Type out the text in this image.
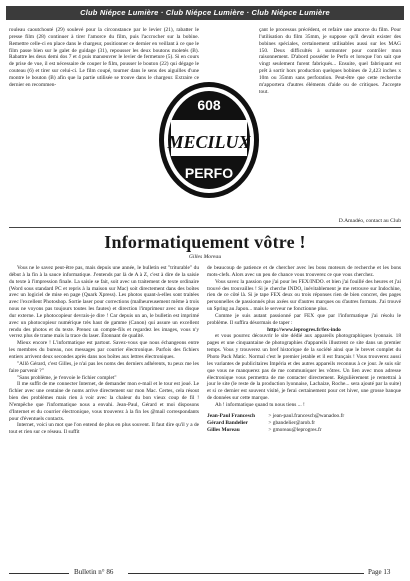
Club Niépce Lumière · Club Niépce Lumière · Club Niépce Lumière

rouleau caoutchouté (29) soulevé pour la circonstance par le levier (21), rabatter le presse film (28) continuer à tirer l'amorce du film, puis l'accrocher sur la bobine. Remettre celle-ci en place dans le chargeur, positionner ce dernier en veillant à ce que le film passe bien sur le galet de guidage (31), repousser les deux boutons moletés (B). Rabattre les deux demi dos 7 et 4 puis manœuvrer le levier de fermeture (5). Si en cours de prise de vue, il est nécessaire de couper le film, pousser le bouton (22) qui dégage le couteau (6) et tirer sur celui-ci. Le film coupé, tourner dans le sens des aiguilles d'une montre le bouton (B) afin que la partie utilisée se trouve dans le chargeur. Extraire ce dernier en recommen-

çant le processus précédent, et refaire une amorce du film. Pour l'utilisation du film 35mm, je suppose qu'il devait exister des bobines spéciales, certainement utilisables aussi sur les MAG 150. Deux difficultés à surmonter pour contrôler mon raisonnement. D'abord posséder le Perfo et lorsque l'on sait que vingt seulement furent fabriqués... Ensuite, quel fabriquant est prêt à sortir hors production quelques bobines de 2,423 inches x 10m ou 35mm sans perforation. Peut-être que cette recherche m'apportera d'autres éléments d'aide ou de critiques. J'accepte tout.

608
MECILUX
PERFO
D.Amadéo, contact au Club
Informatiquement vôtre !
Gilles Moreau

Vous ne le savez peut-être pas, mais depuis une année, le bulletin est "triturable" du début à la fin à la sauce informatique. J'entends par là de A à Z, c'est à dire de la saisie du texte à l'impression finale. La saisie se fait, soit avec un traitement de texte ordinaire (Word sous standard PC et repris à la maison sur Mac) soit directement dans des boîtes avec un logiciel de mise en page (Quark Xpress). Les photos quant-à-elles sont traitées avec l'excellent Photoshop. Sortie laser pour corrections (malheureusement même à trois nous ne voyons pas toujours toutes les fautes) et direction l'imprimeur avec un disque dur externe. Le photocopieur devrais-je dire ! Car depuis un an, le bulletin est imprimé avec un photocopieur numérique très haut de gamme (Canon) qui assure un excellent rendu des photos et du texte. Prenez un compte-fils et regardez les images, vous n'y verrez plus de trame mais la trace du laser. Étonnant de qualité.

Mieux encore ! L'informatique est partout. Savez-vous que nous échangeons entre les membres du bureau, nos messages par courrier électronique. Parfois des fichiers entiers arrivent deux secondes après dans nos boîtes aux lettres électroniques.

"Allô Gérard, c'est Gilles, je n'ai pas les noms des derniers adhérents, tu peux me les faire parvenir ?"

"Sans problème, je t'envoie le fichier complet"

Il me suffit de me connecter Internet, de demander mon e-mail et le tour est joué. Le fichier avec une centaine de noms arrive directement sur mon Mac. Certes, cela résout bien des problèmes mais rien à voir avec la chaleur du bon vieux coup de fil ! N'empêche que l'informatique nous a envahi. Jean-Paul, Gérard et moi disposons d'Internet et du courrier électronique, vous trouverez à la fin les @mail correspondants pour d'éventuels contacts.

Internet, voici un mot que l'on entend de plus en plus souvent. Il faut dire qu'il y a de tout et rien sur ce réseau. Il suffit

de beaucoup de patience et de chercher avec les bons moteurs de recherche et les bons mots-clefs. Alors avec un peu de chance vous trouverez ce que vous cherchez.

Vous savez la passion que j'ai pour les FEX/INDO. et bien j'ai fouillé des heures et j'ai trouvé des trouvailles ! Si je cherche INDO, inévitablement je me retrouve sur Indochine, rien de ce côté là. Si je tape FEX deux ou trois réponses rien de bien concret, des pages personnelles de passionnés plus axées sur d'autres marques ou d'autres formats. J'ai trouvé un Spring au Japon... mais le serveur ne fonctionne plus.

Comme je suis autant passionné par FEX que par l'informatique j'ai résolu le problème. Il suffira désormais de taper :

http://www.leprogres.fr/fex-indo

et vous pourrez découvrir le site dédié aux appareils photographiques lyonnais. 18 pages et une cinquantaine de photographies d'appareils illustrent ce site dans un premier temps. Vous y trouverez un bref historique de la société ainsi que le brevet complet du Photo Pack Matic. Normal c'est le premier jetable et il est français ! Vous trouverez aussi les variantes de publicitaires Impéria et des autres appareils reconnus à ce jour. Je suis sûr que vous ne manquerez pas de me communiquer les vôtres. Un lien avec mon adresse électronique vous permettra de me contacter directement. Régulièrement je remettrai à jour le site (le reste de la production lyonnaise, Lachaize, Roche... sera ajouté par la suite) et si ce dernier est souvent visité, je ferai certainement pour cet hiver, une grosse banque de données sur cette marque.

Ah ! informatique quand tu nous tiens ... !

Jean-Paul Francesch > jean-paul.francesch@wanadoo.fr
Gérard Bandelier	> gbandelier@arob.fr
Gilles Moreau	> gmoreau@leprogres.fr
Bulletin n° 86	Page 13
